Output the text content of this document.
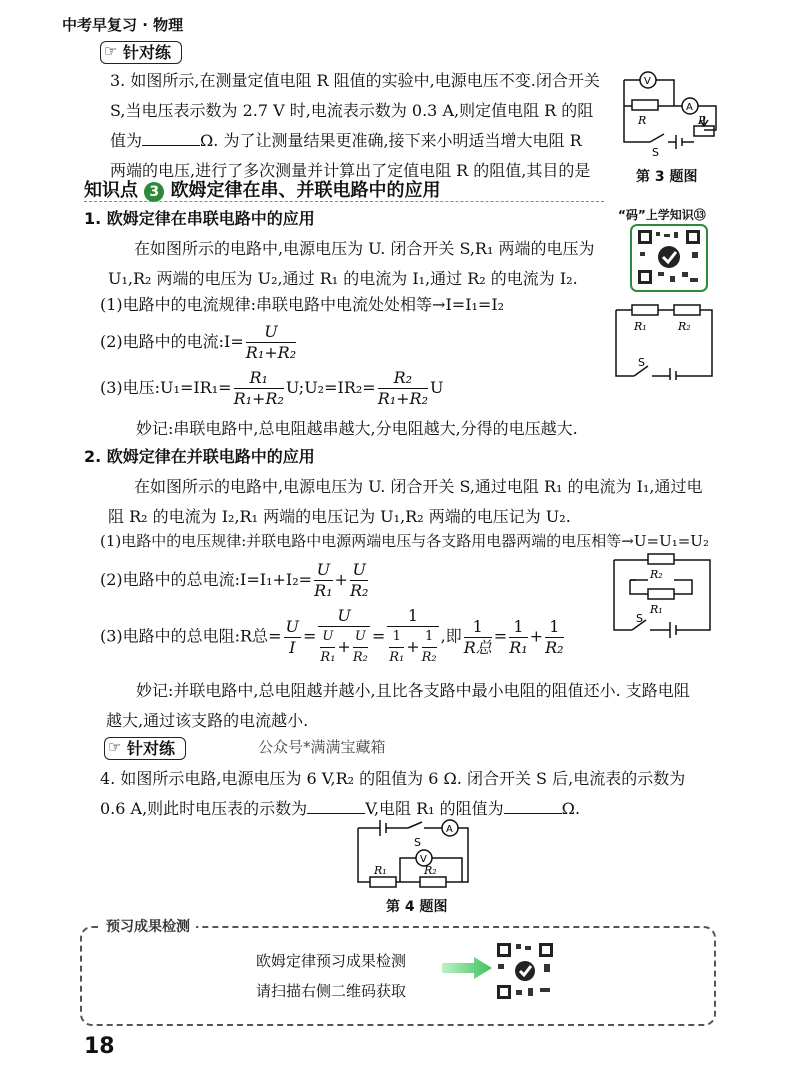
中考早复习 · 物理
☞ 针对练
3. 如图所示,在测量定值电阻 R 阻值的实验中,电源电压不变.闭合开关
S,当电压表示数为 2.7 V 时,电流表示数为 0.3 A,则定值电阻 R 的阻
值为	Ω. 为了让测量结果更准确,接下来小明适当增大电阻 R
两端的电压,进行了多次测量并计算出了定值电阻 R 的阻值,其目的是
V
A
R	P
S
第 3 题图
知识点 3 欧姆定律在串、并联电路中的应用
“码”上学知识⑬
1. 欧姆定律在串联电路中的应用
在如图所示的电路中,电源电压为 U. 闭合开关 S,R₁ 两端的电压为
U₁,R₂ 两端的电压为 U₂,通过 R₁ 的电流为 I₁,通过 R₂ 的电流为 I₂.
(1)电路中的电流规律:串联电路中电流处处相等→I=I₁=I₂
(2)电路中的电流:I= $\frac{U}{\text{R₁+R₂}}$
(3)电压:U₁=IR₁= $\frac{\text{R₁}}{\text{R₁+R₂}}$ U;U₂=IR₂= $\frac{\text{R₂}}{\text{R₁+R₂}}$ U
妙记:串联电路中,总电阻越串越大,分电阻越大,分得的电压越大.
R₁	R₂
S
2. 欧姆定律在并联电路中的应用
在如图所示的电路中,电源电压为 U. 闭合开关 S,通过电阻 R₁ 的电流为 I₁,通过电
阻 R₂ 的电流为 I₂,R₁ 两端的电压记为 U₁,R₂ 两端的电压记为 U₂.
(1)电路中的电压规律:并联电路中电源两端电压与各支路用电器两端的电压相等→U=U₁=U₂
(2)电路中的总电流:I=I₁+I₂= $\frac{U}{\text{R₁}} + \frac{U}{\text{R₂}}$
(3)电路中的总电阻:R总= $\frac{U}{I} = \frac{U}{\frac{U}{\text{R₁}} + \frac{U}{\text{R₂}}} = \frac{1}{\frac{1}{\text{R₁}} + \frac{1}{\text{R₂}}}$ ,即 $\frac{1}{\text{R总}} = \frac{1}{\text{R₁}} + \frac{1}{\text{R₂}}$
妙记:并联电路中,总电阻越并越小,且比各支路中最小电阻的阻值还小. 支路电阻
越大,通过该支路的电流越小.
R₂
R₁
S
☞ 针对练	公众号*满满宝藏箱
4. 如图所示电路,电源电压为 6 V,R₂ 的阻值为 6 Ω. 闭合开关 S 后,电流表的示数为
0.6 A,则此时电压表的示数为	V,电阻 R₁ 的阻值为	Ω.
A
V
S
R₁	R₂
第 4 题图
预习成果检测
欧姆定律预习成果检测
请扫描右侧二维码获取
18
